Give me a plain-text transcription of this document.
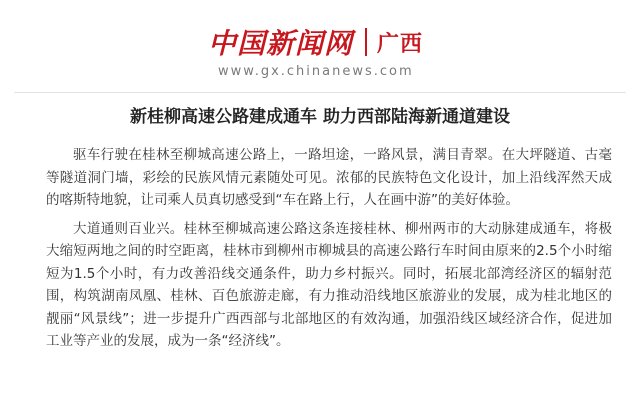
中国新闻网 广西
www.gx.chinanews.com
新桂柳高速公路建成通车 助力西部陆海新通道建设

驱车行驶在桂林至柳城高速公路上，一路坦途，一路风景，满目青翠。在大坪隧道、古毫等隧道洞门墙，彩绘的民族风情元素随处可见。浓郁的民族特色文化设计，加上沿线浑然天成的喀斯特地貌，让司乘人员真切感受到“车在路上行，人在画中游”的美好体验。

大道通则百业兴。桂林至柳城高速公路这条连接桂林、柳州两市的大动脉建成通车，将极大缩短两地之间的时空距离，桂林市到柳州市柳城县的高速公路行车时间由原来的2.5个小时缩短为1.5个小时，有力改善沿线交通条件，助力乡村振兴。同时，拓展北部湾经济区的辐射范围，构筑湖南凤凰、桂林、百色旅游走廊，有力推动沿线地区旅游业的发展，成为桂北地区的靓丽“风景线”；进一步提升广西西部与北部地区的有效沟通，加强沿线区域经济合作，促进加工业等产业的发展，成为一条“经济线”。
